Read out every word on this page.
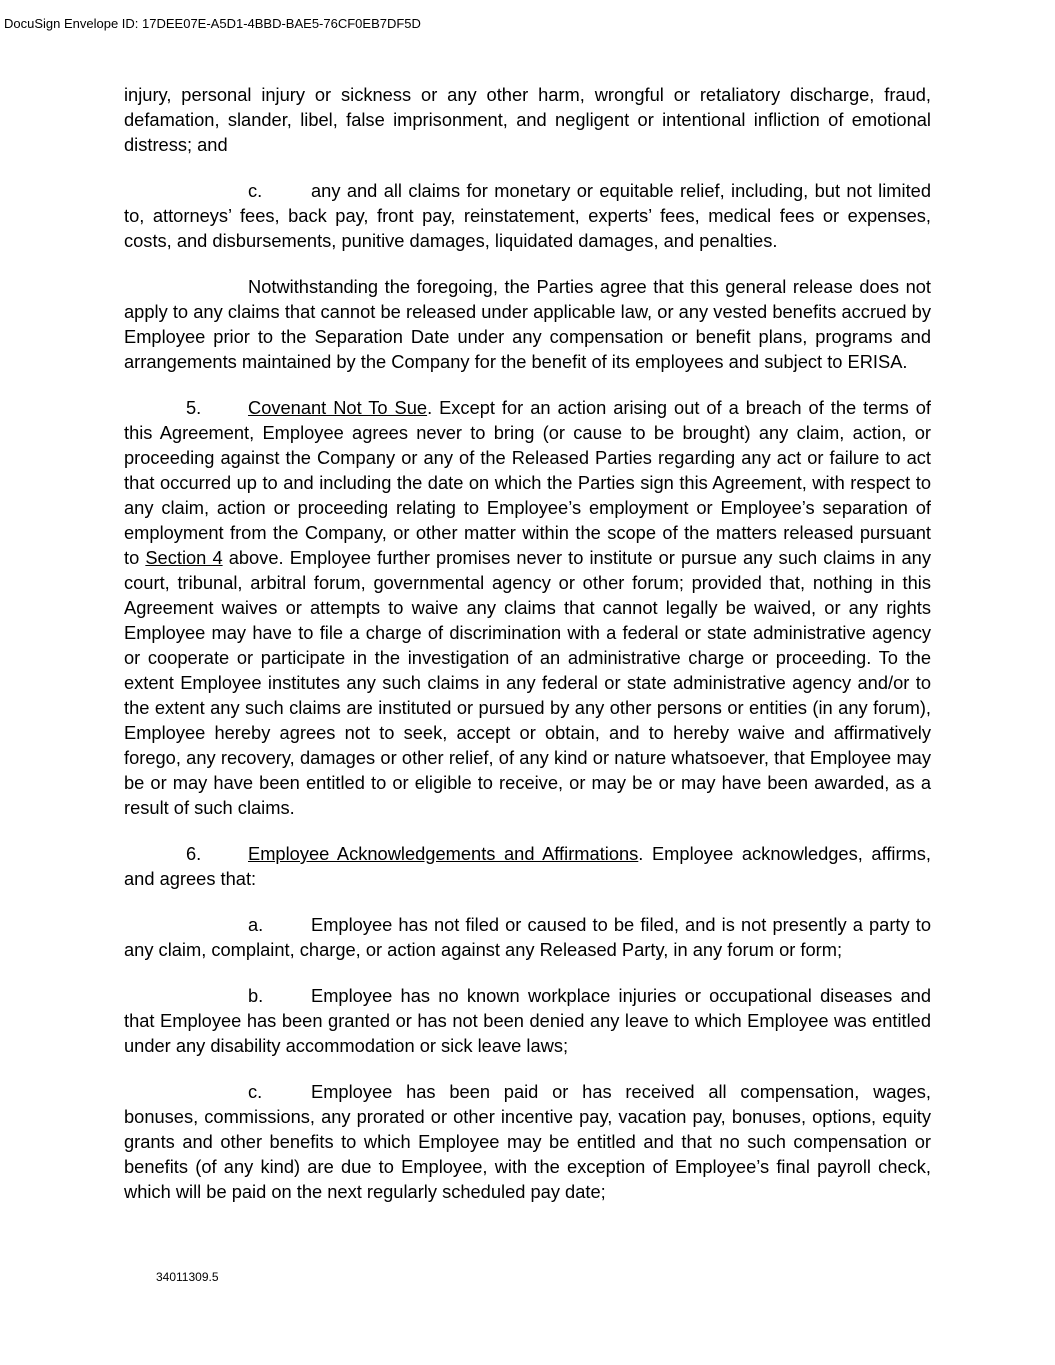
DocuSign Envelope ID: 17DEE07E-A5D1-4BBD-BAE5-76CF0EB7DF5D

injury, personal injury or sickness or any other harm, wrongful or retaliatory discharge, fraud, defamation, slander, libel, false imprisonment, and negligent or intentional infliction of emotional distress; and

c.	any and all claims for monetary or equitable relief, including, but not limited to, attorneys’ fees, back pay, front pay, reinstatement, experts’ fees, medical fees or expenses, costs, and disbursements, punitive damages, liquidated damages, and penalties.

Notwithstanding the foregoing, the Parties agree that this general release does not apply to any claims that cannot be released under applicable law, or any vested benefits accrued by Employee prior to the Separation Date under any compensation or benefit plans, programs and arrangements maintained by the Company for the benefit of its employees and subject to ERISA.

5.	Covenant Not To Sue. Except for an action arising out of a breach of the terms of this Agreement, Employee agrees never to bring (or cause to be brought) any claim, action, or proceeding against the Company or any of the Released Parties regarding any act or failure to act that occurred up to and including the date on which the Parties sign this Agreement, with respect to any claim, action or proceeding relating to Employee’s employment or Employee’s separation of employment from the Company, or other matter within the scope of the matters released pursuant to Section 4 above. Employee further promises never to institute or pursue any such claims in any court, tribunal, arbitral forum, governmental agency or other forum; provided that, nothing in this Agreement waives or attempts to waive any claims that cannot legally be waived, or any rights Employee may have to file a charge of discrimination with a federal or state administrative agency or cooperate or participate in the investigation of an administrative charge or proceeding. To the extent Employee institutes any such claims in any federal or state administrative agency and/or to the extent any such claims are instituted or pursued by any other persons or entities (in any forum), Employee hereby agrees not to seek, accept or obtain, and to hereby waive and affirmatively forego, any recovery, damages or other relief, of any kind or nature whatsoever, that Employee may be or may have been entitled to or eligible to receive, or may be or may have been awarded, as a result of such claims.

6.	Employee Acknowledgements and Affirmations. Employee acknowledges, affirms, and agrees that:

a.	Employee has not filed or caused to be filed, and is not presently a party to any claim, complaint, charge, or action against any Released Party, in any forum or form;

b.	Employee has no known workplace injuries or occupational diseases and that Employee has been granted or has not been denied any leave to which Employee was entitled under any disability accommodation or sick leave laws;

c.	Employee has been paid or has received all compensation, wages, bonuses, commissions, any prorated or other incentive pay, vacation pay, bonuses, options, equity grants and other benefits to which Employee may be entitled and that no such compensation or benefits (of any kind) are due to Employee, with the exception of Employee’s final payroll check, which will be paid on the next regularly scheduled pay date;

34011309.5
